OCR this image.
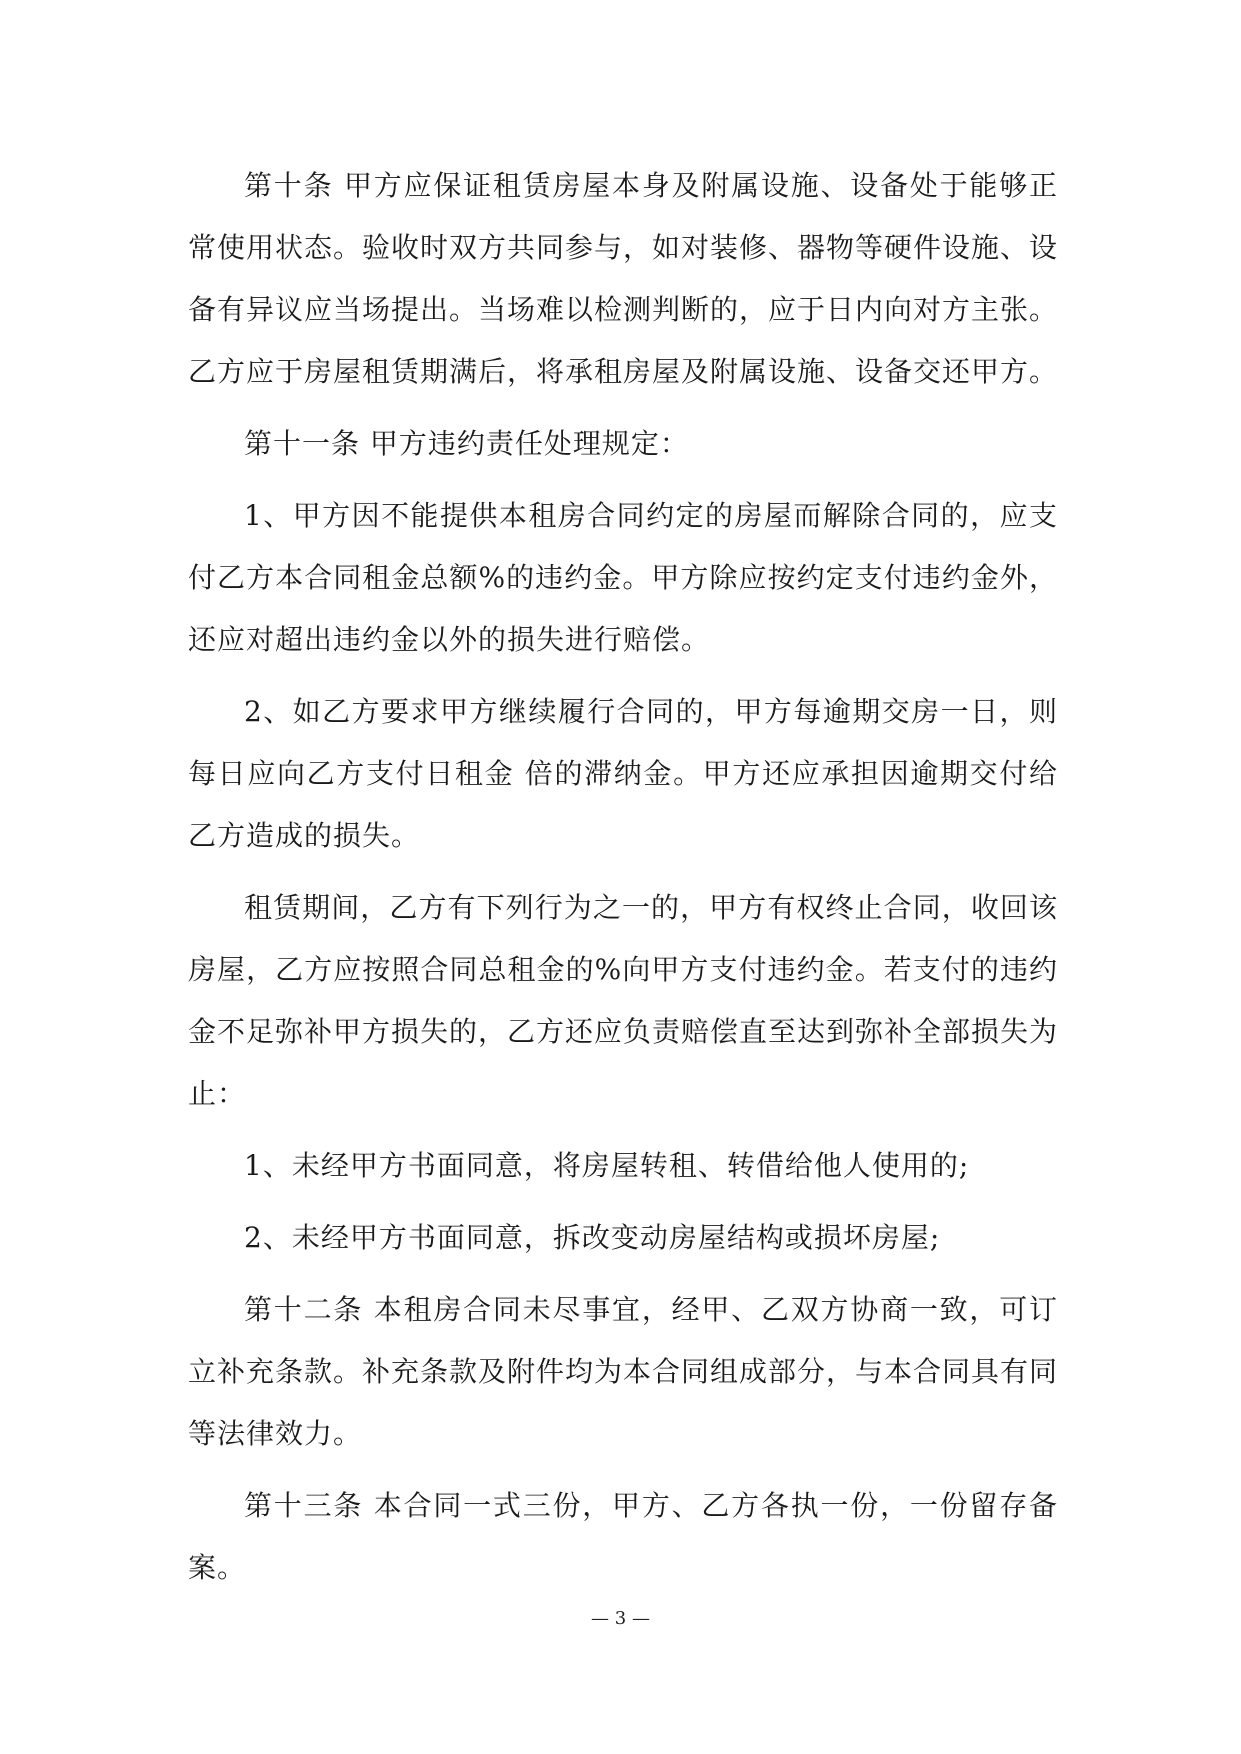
第十条 甲方应保证租赁房屋本身及附属设施、设备处于能够正常使用状态。验收时双方共同参与，如对装修、器物等硬件设施、设备有异议应当场提出。当场难以检测判断的，应于日内向对方主张。乙方应于房屋租赁期满后，将承租房屋及附属设施、设备交还甲方。

第十一条 甲方违约责任处理规定：

1、甲方因不能提供本租房合同约定的房屋而解除合同的，应支付乙方本合同租金总额%的违约金。甲方除应按约定支付违约金外，还应对超出违约金以外的损失进行赔偿。

2、如乙方要求甲方继续履行合同的，甲方每逾期交房一日，则每日应向乙方支付日租金 倍的滞纳金。甲方还应承担因逾期交付给乙方造成的损失。

租赁期间，乙方有下列行为之一的，甲方有权终止合同，收回该房屋，乙方应按照合同总租金的%向甲方支付违约金。若支付的违约金不足弥补甲方损失的，乙方还应负责赔偿直至达到弥补全部损失为止：

1、未经甲方书面同意，将房屋转租、转借给他人使用的;

2、未经甲方书面同意，拆改变动房屋结构或损坏房屋;

第十二条 本租房合同未尽事宜，经甲、乙双方协商一致，可订立补充条款。补充条款及附件均为本合同组成部分，与本合同具有同等法律效力。

第十三条 本合同一式三份，甲方、乙方各执一份，一份留存备案。

— 3 —
